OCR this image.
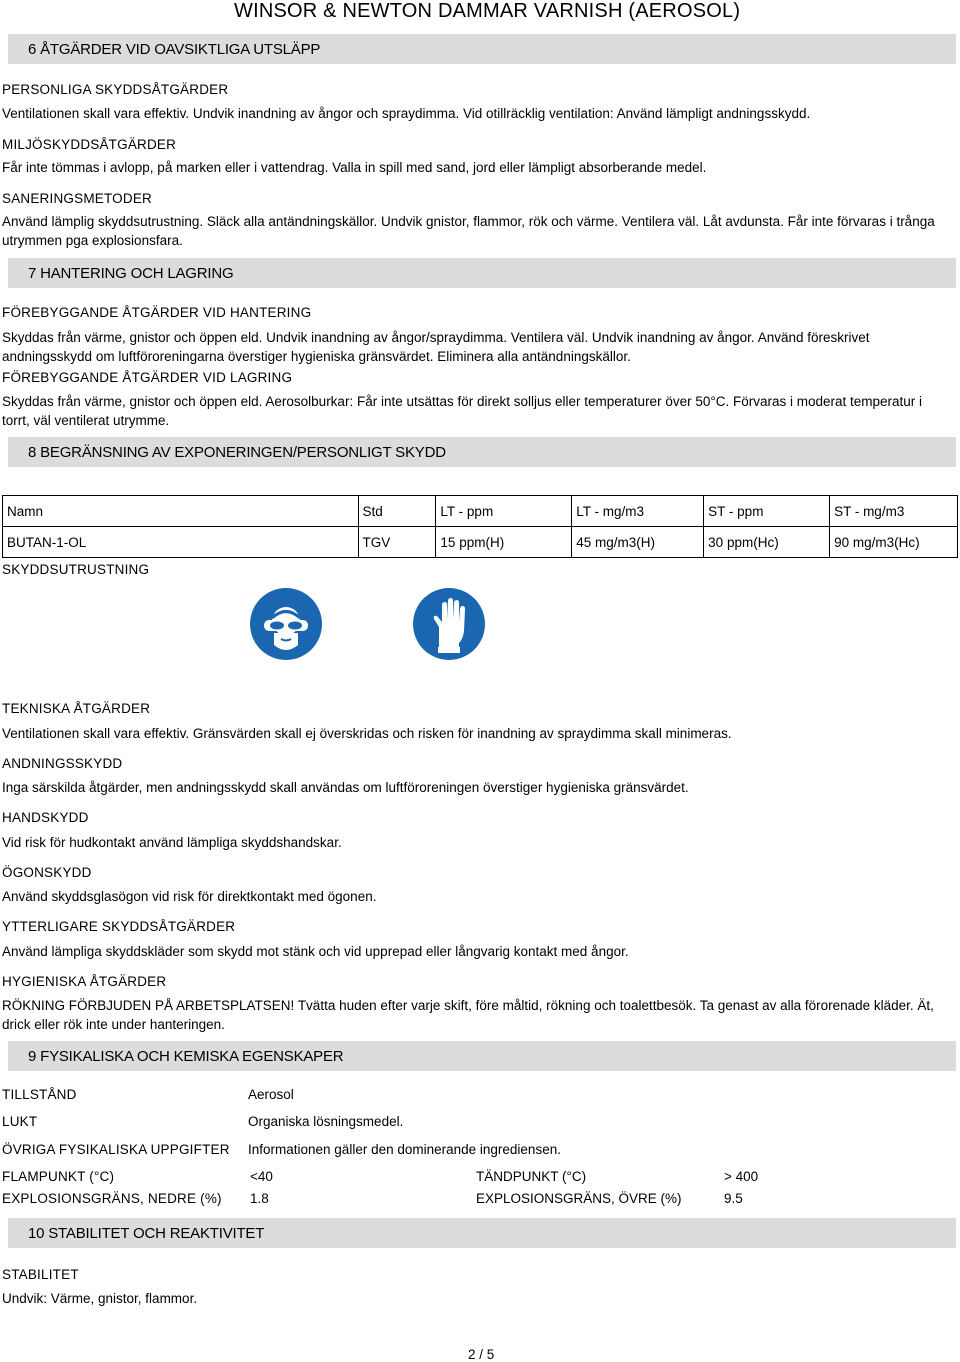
WINSOR & NEWTON DAMMAR VARNISH (AEROSOL)
6 ÅTGÄRDER VID OAVSIKTLIGA UTSLÄPP
PERSONLIGA SKYDDSÅTGÄRDER
Ventilationen skall vara effektiv. Undvik inandning av ångor och spraydimma. Vid otillräcklig ventilation: Använd lämpligt andningsskydd.
MILJÖSKYDDSÅTGÄRDER
Får inte tömmas i avlopp, på marken eller i vattendrag. Valla in spill med sand, jord eller lämpligt absorberande medel.
SANERINGSMETODER
Använd lämplig skyddsutrustning. Släck alla antändningskällor. Undvik gnistor, flammor, rök och värme. Ventilera väl. Låt avdunsta. Får inte förvaras i trånga utrymmen pga explosionsfara.
7 HANTERING OCH LAGRING
FÖREBYGGANDE ÅTGÄRDER VID HANTERING
Skyddas från värme, gnistor och öppen eld. Undvik inandning av ångor/spraydimma. Ventilera väl. Undvik inandning av ångor. Använd föreskrivet andningsskydd om luftföroreningarna överstiger hygieniska gränsvärdet. Eliminera alla antändningskällor.
FÖREBYGGANDE ÅTGÄRDER VID LAGRING
Skyddas från värme, gnistor och öppen eld. Aerosolburkar: Får inte utsättas för direkt solljus eller temperaturer över 50°C. Förvaras i moderat temperatur i torrt, väl ventilerat utrymme.
8 BEGRÄNSNING AV EXPONERINGEN/PERSONLIGT SKYDD
Namn	Std	LT - ppm	LT - mg/m3	ST - ppm	ST - mg/m3
BUTAN-1-OL	TGV	15 ppm(H)	45 mg/m3(H)	30 ppm(Hc)	90 mg/m3(Hc)
SKYDDSUTRUSTNING
TEKNISKA ÅTGÄRDER
Ventilationen skall vara effektiv. Gränsvärden skall ej överskridas och risken för inandning av spraydimma skall minimeras.
ANDNINGSSKYDD
Inga särskilda åtgärder, men andningsskydd skall användas om luftföroreningen överstiger hygieniska gränsvärdet.
HANDSKYDD
Vid risk för hudkontakt använd lämpliga skyddshandskar.
ÖGONSKYDD
Använd skyddsglasögon vid risk för direktkontakt med ögonen.
YTTERLIGARE SKYDDSÅTGÄRDER
Använd lämpliga skyddskläder som skydd mot stänk och vid upprepad eller långvarig kontakt med ångor.
HYGIENISKA ÅTGÄRDER
RÖKNING FÖRBJUDEN PÅ ARBETSPLATSEN! Tvätta huden efter varje skift, före måltid, rökning och toalettbesök. Ta genast av alla förorenade kläder. Ät, drick eller rök inte under hanteringen.
9 FYSIKALISKA OCH KEMISKA EGENSKAPER
TILLSTÅND	Aerosol
LUKT	Organiska lösningsmedel.
ÖVRIGA FYSIKALISKA UPPGIFTER Informationen gäller den dominerande ingrediensen.
FLAMPUNKT (°C)	<40	TÄNDPUNKT (°C)	> 400
EXPLOSIONSGRÄNS, NEDRE (%) 1.8	EXPLOSIONSGRÄNS, ÖVRE (%)	9.5
10 STABILITET OCH REAKTIVITET
STABILITET
Undvik: Värme, gnistor, flammor.
2 / 5
